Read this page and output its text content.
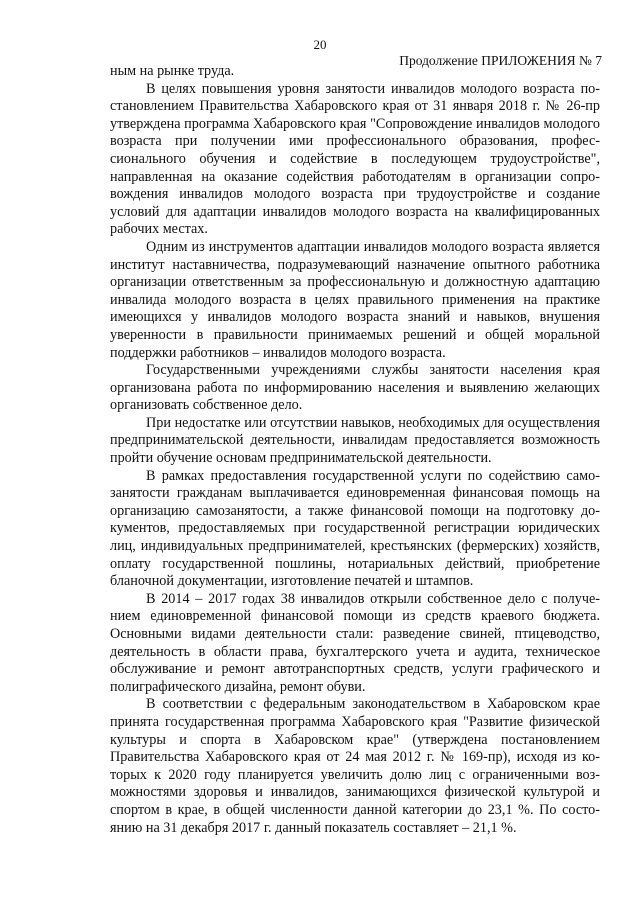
20
Продолжение ПРИЛОЖЕНИЯ № 7

ным на рынке труда.

В целях повышения уровня занятости инвалидов молодого возраста постановлением Правительства Хабаровского края от 31 января 2018 г. № 26-пр утверждена программа Хабаровского края "Сопровождение инвалидов молодого возраста при получении ими профессионального образования, профессионального обучения и содействие в последующем трудоустройстве", направленная на оказание содействия работодателям в организации сопровождения инвалидов молодого возраста при трудоустройстве и создание условий для адаптации инвалидов молодого возраста на квалифицированных рабочих местах.

Одним из инструментов адаптации инвалидов молодого возраста является институт наставничества, подразумевающий назначение опытного работника организации ответственным за профессиональную и должностную адаптацию инвалида молодого возраста в целях правильного применения на практике имеющихся у инвалидов молодого возраста знаний и навыков, внушения уверенности в правильности принимаемых решений и общей моральной поддержки работников – инвалидов молодого возраста.

Государственными учреждениями службы занятости населения края организована работа по информированию населения и выявлению желающих организовать собственное дело.

При недостатке или отсутствии навыков, необходимых для осуществления предпринимательской деятельности, инвалидам предоставляется возможность пройти обучение основам предпринимательской деятельности.

В рамках предоставления государственной услуги по содействию самозанятости гражданам выплачивается единовременная финансовая помощь на организацию самозанятости, а также финансовой помощи на подготовку документов, предоставляемых при государственной регистрации юридических лиц, индивидуальных предпринимателей, крестьянских (фермерских) хозяйств, оплату государственной пошлины, нотариальных действий, приобретение бланочной документации, изготовление печатей и штампов.

В 2014 – 2017 годах 38 инвалидов открыли собственное дело с получением единовременной финансовой помощи из средств краевого бюджета. Основными видами деятельности стали: разведение свиней, птицеводство, деятельность в области права, бухгалтерского учета и аудита, техническое обслуживание и ремонт автотранспортных средств, услуги графического и полиграфического дизайна, ремонт обуви.

В соответствии с федеральным законодательством в Хабаровском крае принята государственная программа Хабаровского края "Развитие физической культуры и спорта в Хабаровском крае" (утверждена постановлением Правительства Хабаровского края от 24 мая 2012 г. № 169-пр), исходя из которых к 2020 году планируется увеличить долю лиц с ограниченными возможностями здоровья и инвалидов, занимающихся физической культурой и спортом в крае, в общей численности данной категории до 23,1 %. По состоянию на 31 декабря 2017 г. данный показатель составляет – 21,1 %.
